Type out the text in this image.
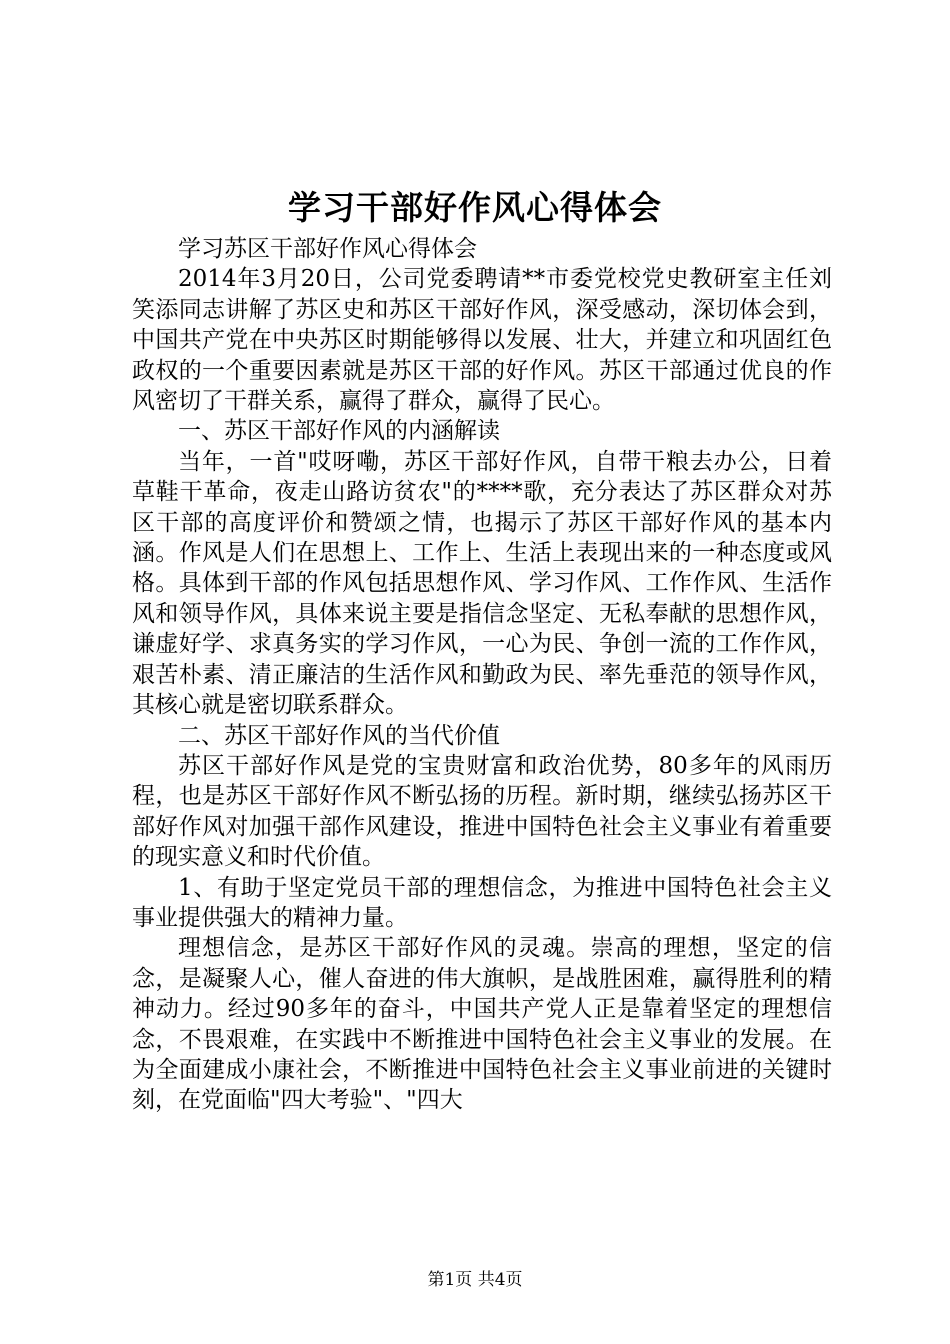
学习干部好作风心得体会

学习苏区干部好作风心得体会

2014年3月20日，公司党委聘请**市委党校党史教研室主任刘笑添同志讲解了苏区史和苏区干部好作风，深受感动，深切体会到，中国共产党在中央苏区时期能够得以发展、壮大，并建立和巩固红色政权的一个重要因素就是苏区干部的好作风。苏区干部通过优良的作风密切了干群关系，赢得了群众，赢得了民心。

一、苏区干部好作风的内涵解读

当年，一首"哎呀嘞，苏区干部好作风，自带干粮去办公，日着草鞋干革命，夜走山路访贫农"的****歌，充分表达了苏区群众对苏区干部的高度评价和赞颂之情，也揭示了苏区干部好作风的基本内涵。作风是人们在思想上、工作上、生活上表现出来的一种态度或风格。具体到干部的作风包括思想作风、学习作风、工作作风、生活作风和领导作风，具体来说主要是指信念坚定、无私奉献的思想作风，谦虚好学、求真务实的学习作风，一心为民、争创一流的工作作风，艰苦朴素、清正廉洁的生活作风和勤政为民、率先垂范的领导作风，其核心就是密切联系群众。

二、苏区干部好作风的当代价值

苏区干部好作风是党的宝贵财富和政治优势，80多年的风雨历程，也是苏区干部好作风不断弘扬的历程。新时期，继续弘扬苏区干部好作风对加强干部作风建设，推进中国特色社会主义事业有着重要的现实意义和时代价值。

1、有助于坚定党员干部的理想信念，为推进中国特色社会主义事业提供强大的精神力量。

理想信念，是苏区干部好作风的灵魂。崇高的理想，坚定的信念，是凝聚人心，催人奋进的伟大旗帜，是战胜困难，赢得胜利的精神动力。经过90多年的奋斗，中国共产党人正是靠着坚定的理想信念，不畏艰难，在实践中不断推进中国特色社会主义事业的发展。在为全面建成小康社会，不断推进中国特色社会主义事业前进的关键时刻，在党面临"四大考验"、"四大

第1页 共4页
